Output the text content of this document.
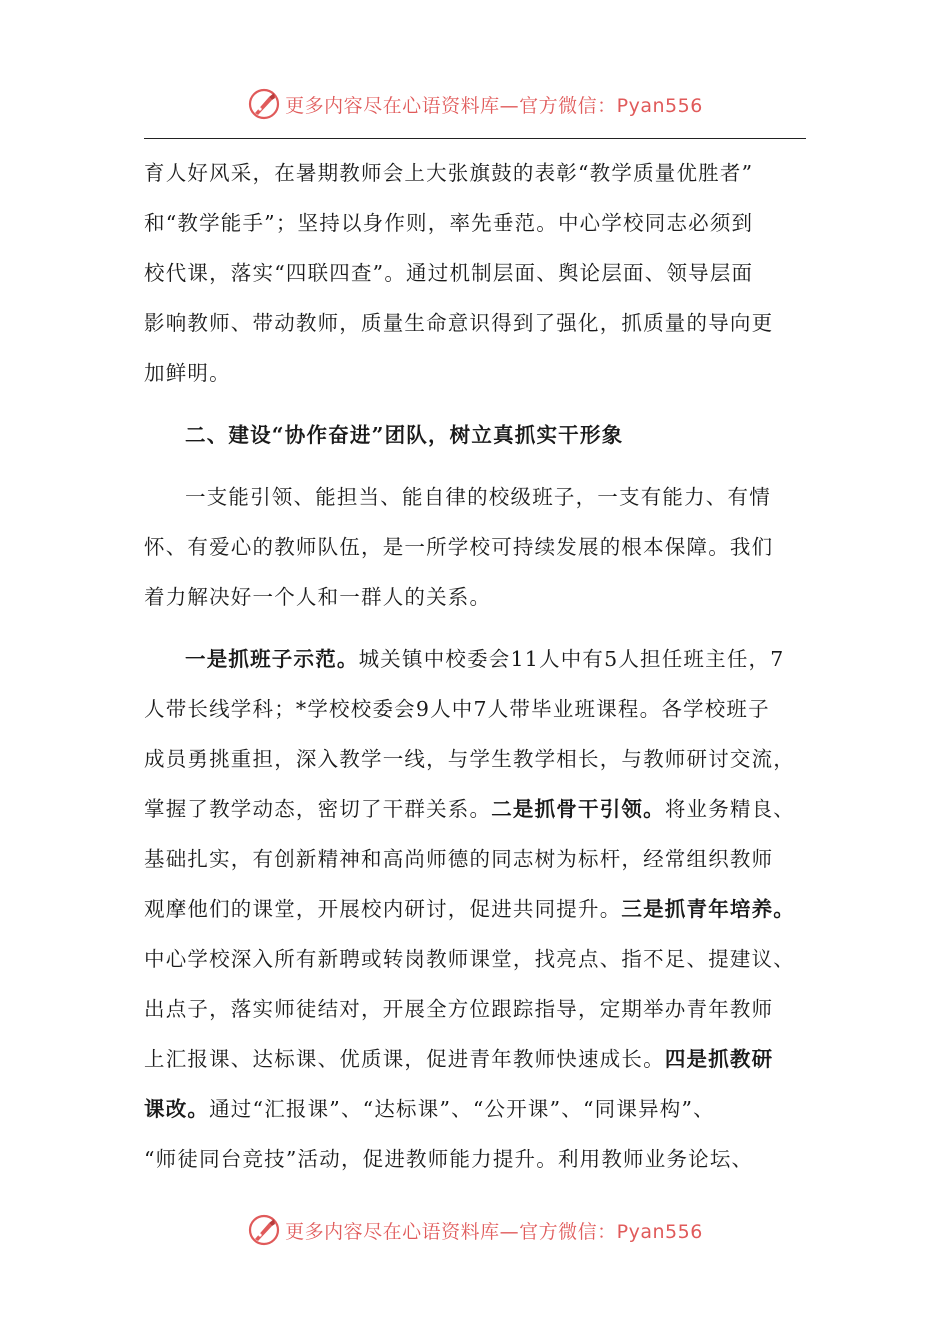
更多内容尽在心语资料库—官方微信：Pyan556
育人好风采，在暑期教师会上大张旗鼓的表彰“教学质量优胜者”
和“教学能手”；坚持以身作则，率先垂范。中心学校同志必须到
校代课，落实“四联四查”。通过机制层面、舆论层面、领导层面
影响教师、带动教师，质量生命意识得到了强化，抓质量的导向更
加鲜明。
二、建设“协作奋进”团队，树立真抓实干形象
一支能引领、能担当、能自律的校级班子，一支有能力、有情
怀、有爱心的教师队伍，是一所学校可持续发展的根本保障。我们
着力解决好一个人和一群人的关系。
一是抓班子示范。城关镇中校委会11人中有5人担任班主任，7
人带长线学科；*学校校委会9人中7人带毕业班课程。各学校班子
成员勇挑重担，深入教学一线，与学生教学相长，与教师研讨交流，
掌握了教学动态，密切了干群关系。二是抓骨干引领。将业务精良、
基础扎实，有创新精神和高尚师德的同志树为标杆，经常组织教师
观摩他们的课堂，开展校内研讨，促进共同提升。三是抓青年培养。
中心学校深入所有新聘或转岗教师课堂，找亮点、指不足、提建议、
出点子，落实师徒结对，开展全方位跟踪指导，定期举办青年教师
上汇报课、达标课、优质课，促进青年教师快速成长。四是抓教研
课改。通过“汇报课”、“达标课”、“公开课”、“同课异构”、
“师徒同台竞技”活动，促进教师能力提升。利用教师业务论坛、
更多内容尽在心语资料库—官方微信：Pyan556
